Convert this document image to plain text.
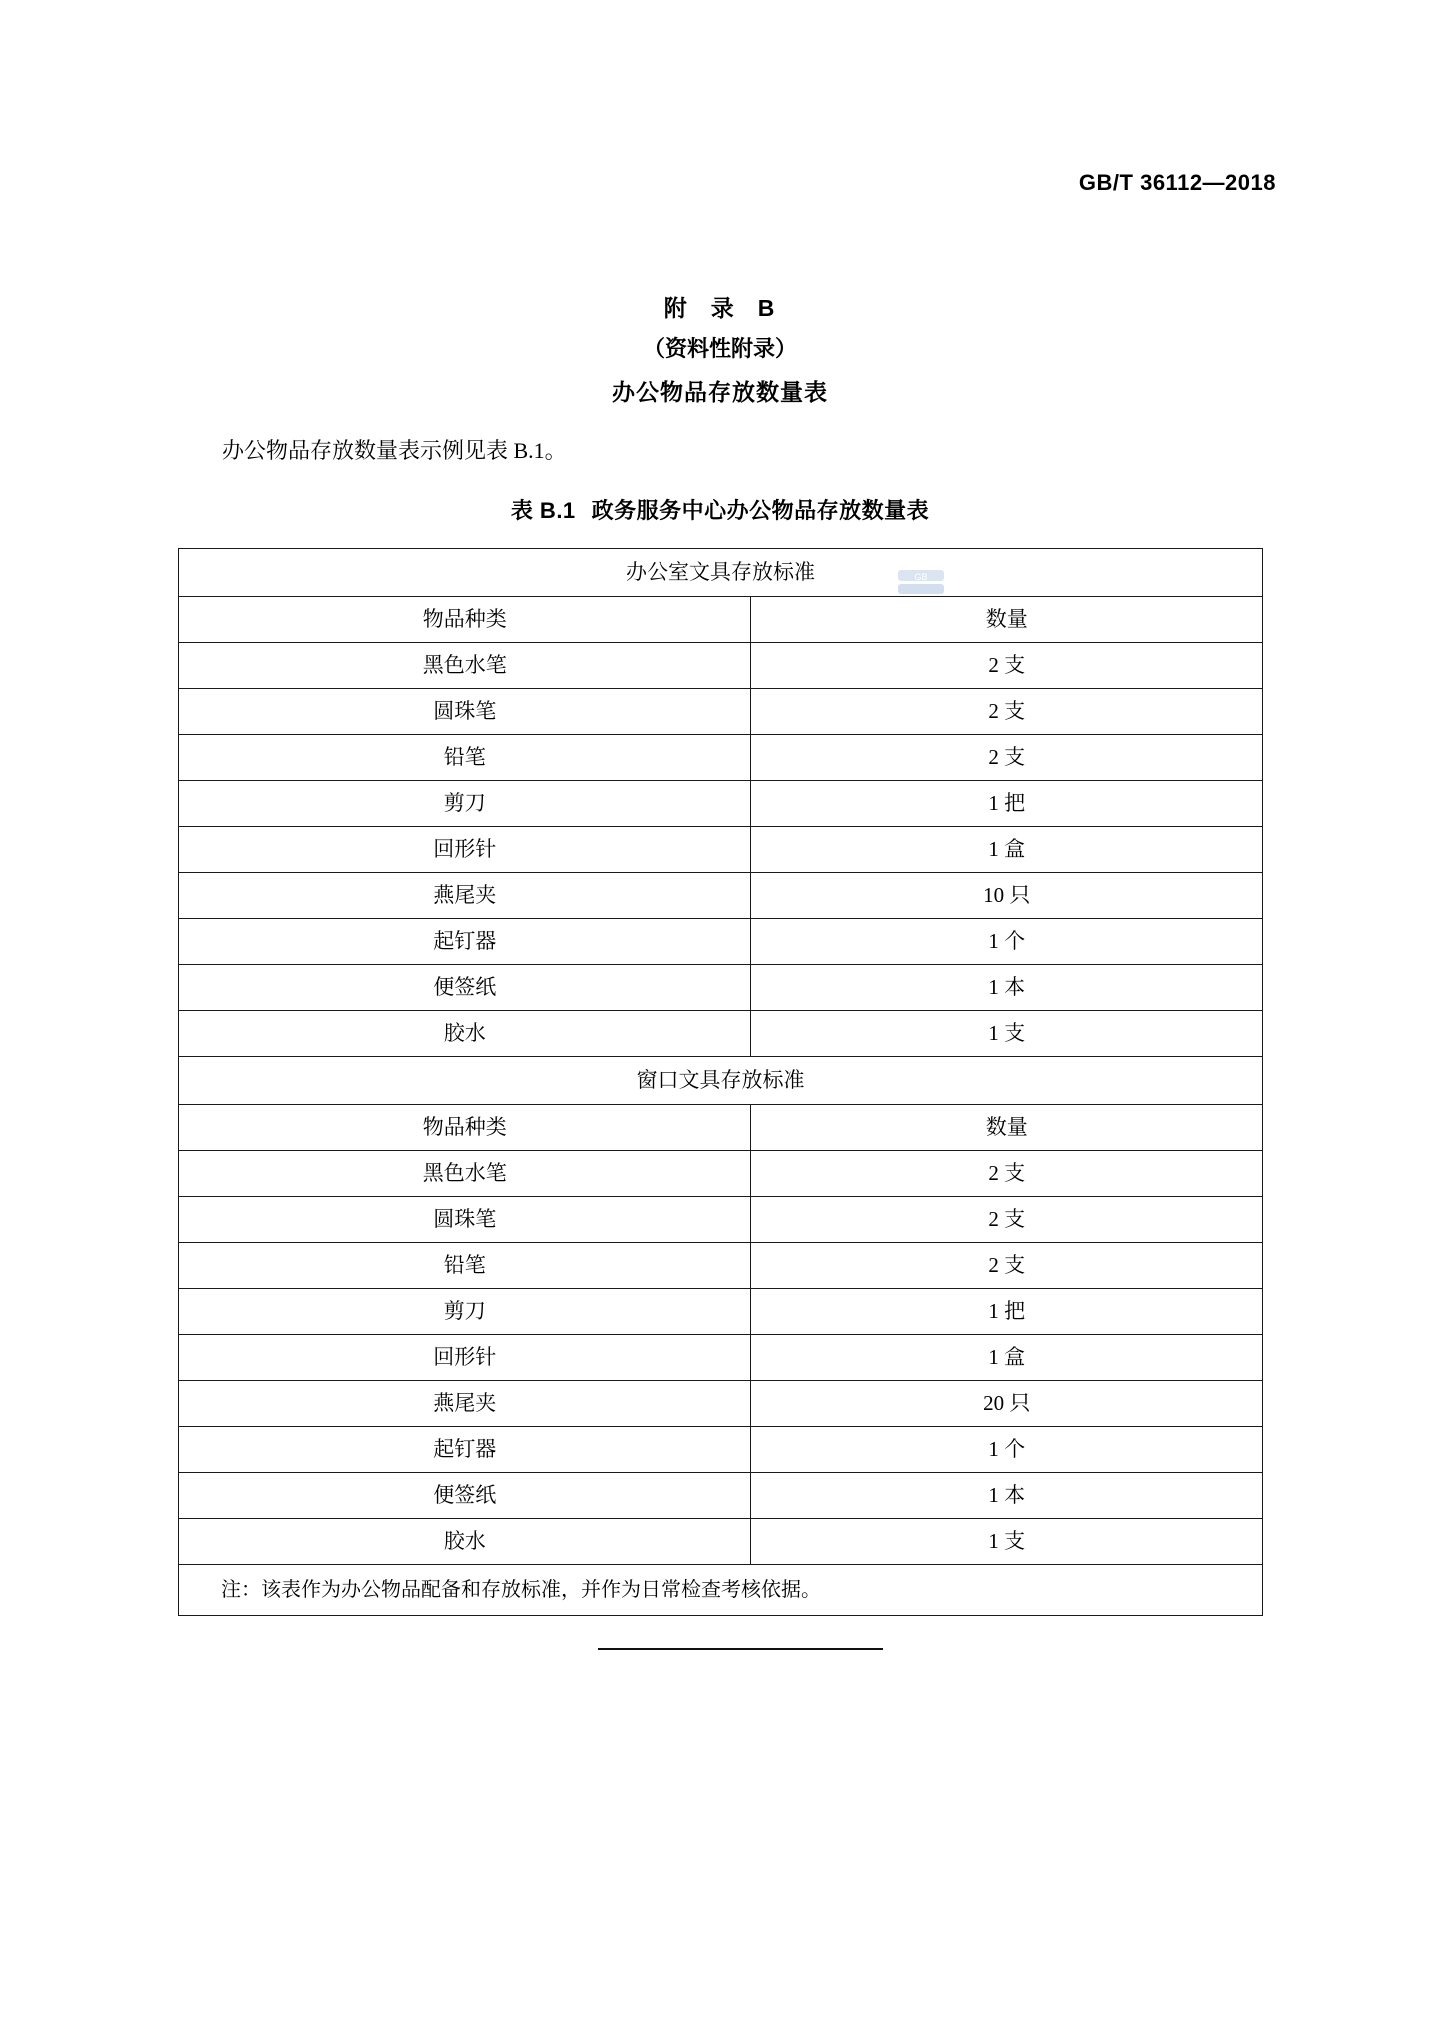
GB/T 36112—2018
附 录 B
（资料性附录）
办公物品存放数量表
办公物品存放数量表示例见表 B.1。
表 B.1 政务服务中心办公物品存放数量表
办公室文具存放标准	
物品种类	数量
黑色水笔	2 支
圆珠笔	2 支
铅笔	2 支
剪刀	1 把
回形针	1 盒
燕尾夹	10 只
起钉器	1 个
便签纸	1 本
胶水	1 支
窗口文具存放标准	
物品种类	数量
黑色水笔	2 支
圆珠笔	2 支
铅笔	2 支
剪刀	1 把
回形针	1 盒
燕尾夹	20 只
起钉器	1 个
便签纸	1 本
胶水	1 支
注：该表作为办公物品配备和存放标准，并作为日常检查考核依据。	
GB
